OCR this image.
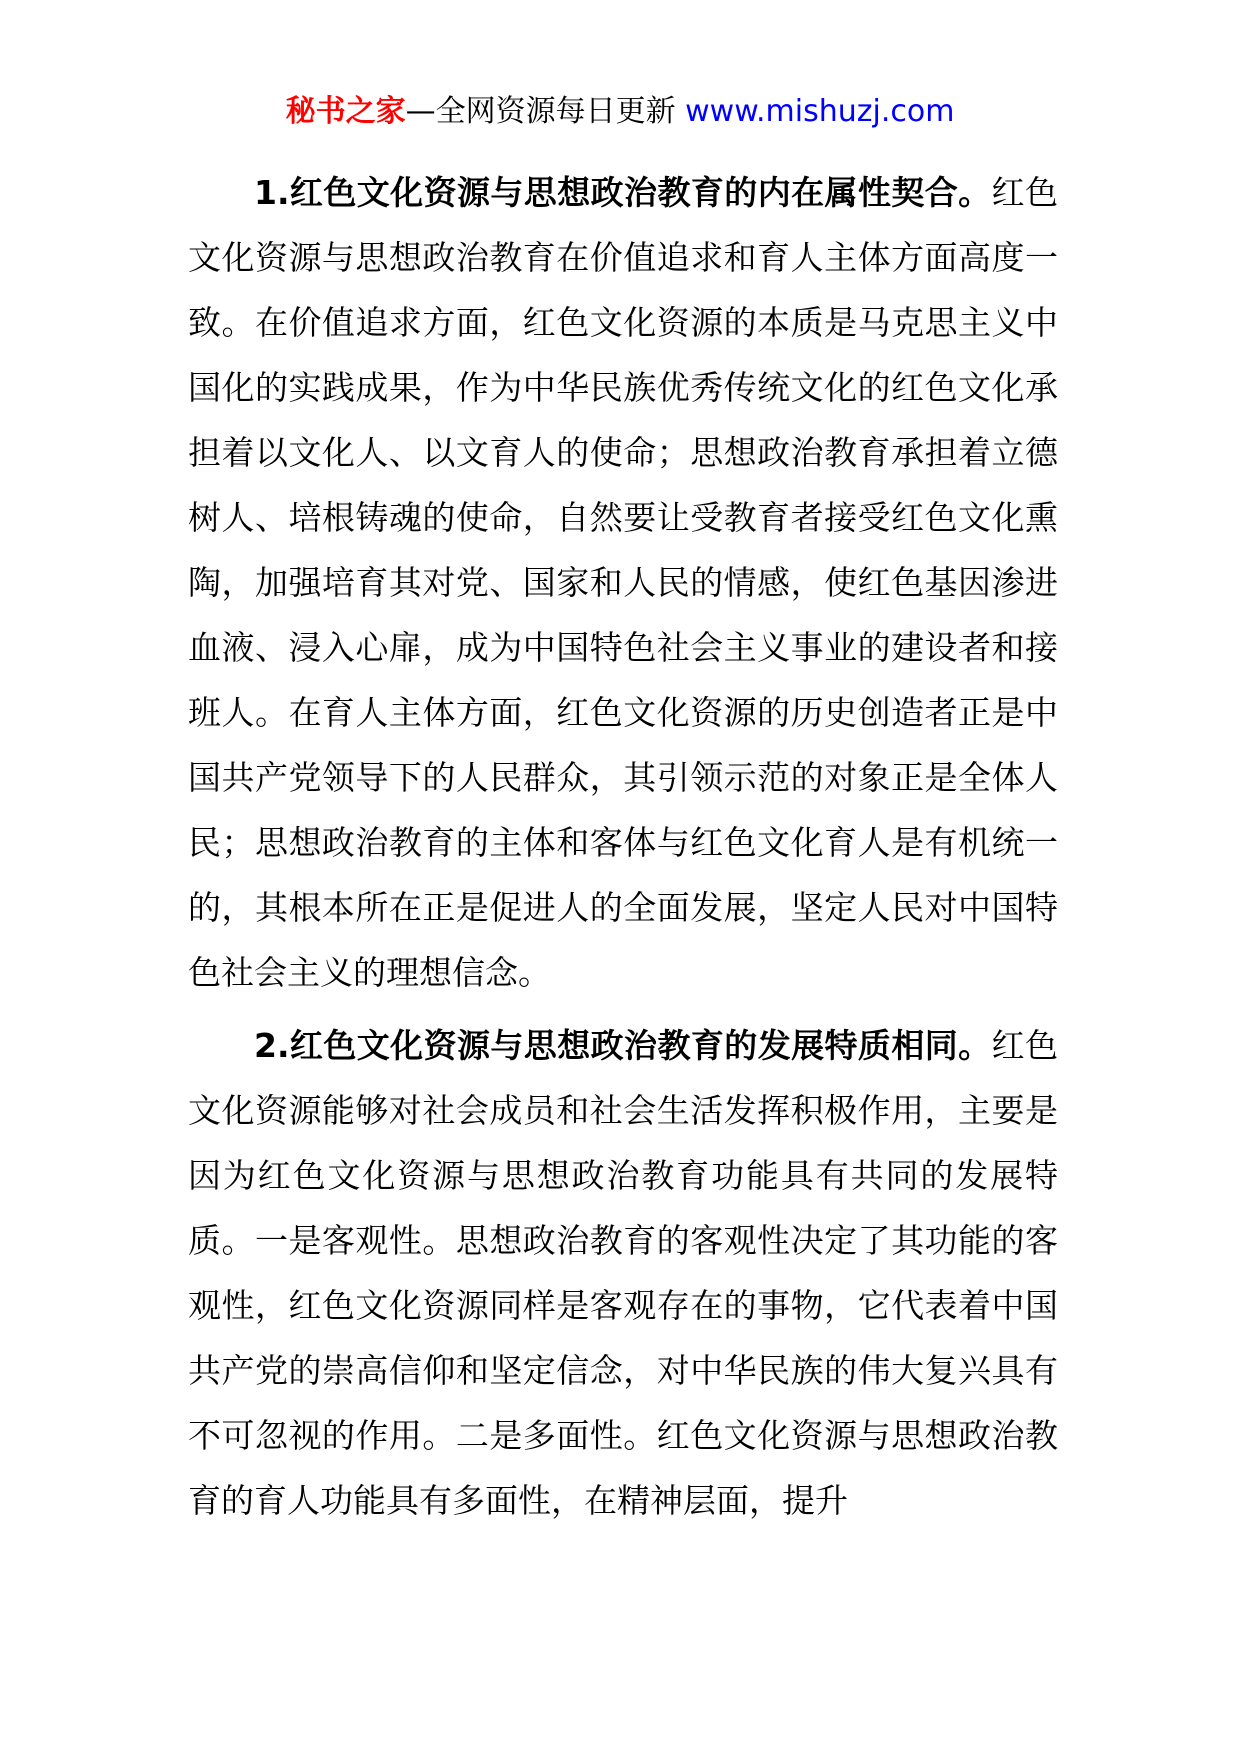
秘书之家—全网资源每日更新 www.mishuzj.com

1.红色文化资源与思想政治教育的内在属性契合。红色文化资源与思想政治教育在价值追求和育人主体方面高度一致。在价值追求方面，红色文化资源的本质是马克思主义中国化的实践成果，作为中华民族优秀传统文化的红色文化承担着以文化人、以文育人的使命；思想政治教育承担着立德树人、培根铸魂的使命，自然要让受教育者接受红色文化熏陶，加强培育其对党、国家和人民的情感，使红色基因渗进血液、浸入心扉，成为中国特色社会主义事业的建设者和接班人。在育人主体方面，红色文化资源的历史创造者正是中国共产党领导下的人民群众，其引领示范的对象正是全体人民；思想政治教育的主体和客体与红色文化育人是有机统一的，其根本所在正是促进人的全面发展，坚定人民对中国特色社会主义的理想信念。

2.红色文化资源与思想政治教育的发展特质相同。红色文化资源能够对社会成员和社会生活发挥积极作用，主要是因为红色文化资源与思想政治教育功能具有共同的发展特质。一是客观性。思想政治教育的客观性决定了其功能的客观性，红色文化资源同样是客观存在的事物，它代表着中国共产党的崇高信仰和坚定信念，对中华民族的伟大复兴具有不可忽视的作用。二是多面性。红色文化资源与思想政治教育的育人功能具有多面性，在精神层面，提升
